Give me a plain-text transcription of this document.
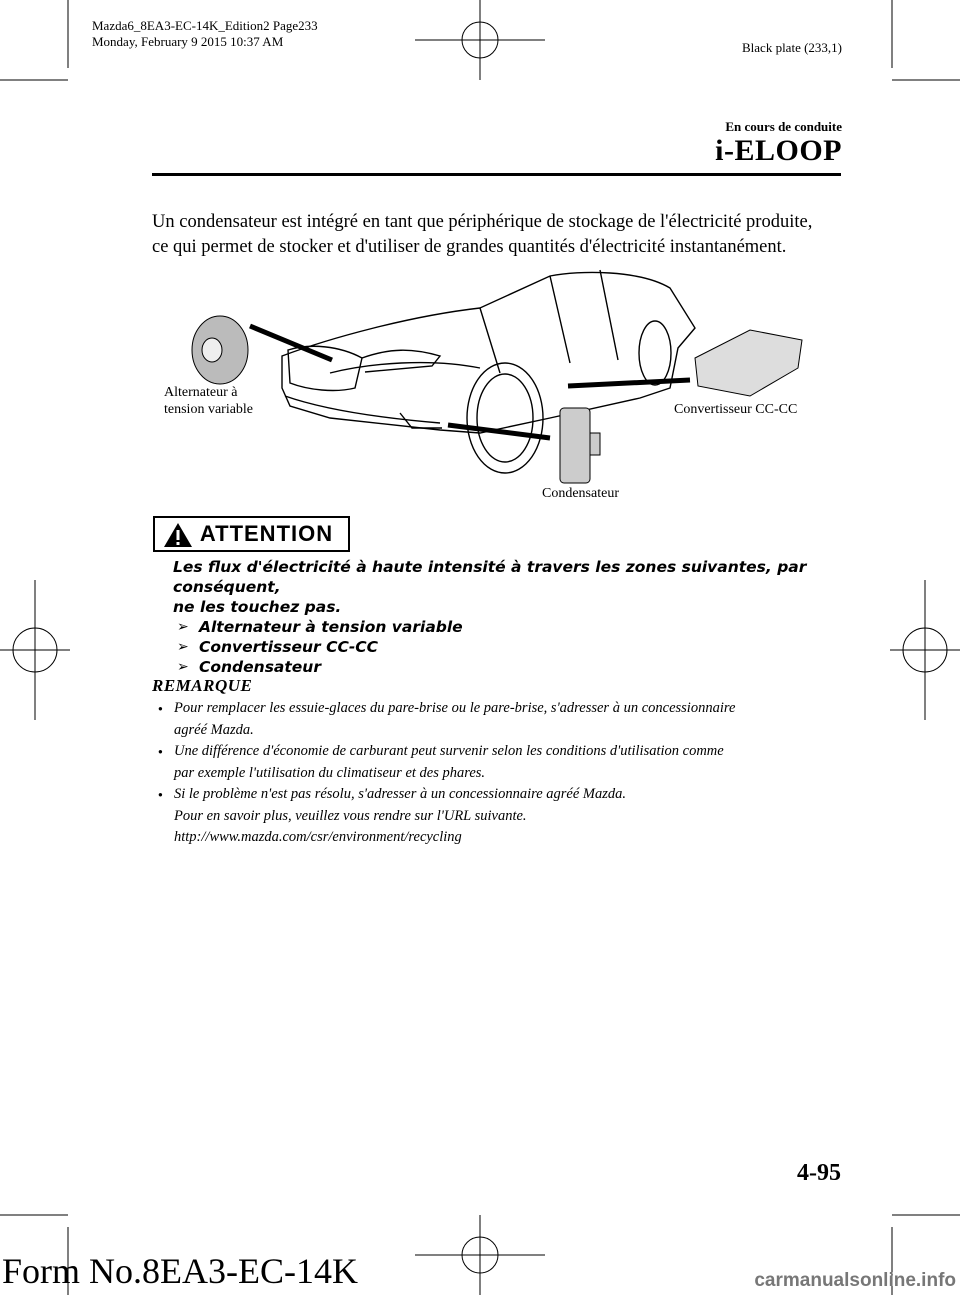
Mazda6_8EA3-EC-14K_Edition2 Page233
Monday, February 9 2015 10:37 AM	Black plate (233,1)
En cours de conduite
i-ELOOP

Un condensateur est intégré en tant que périphérique de stockage de l'électricité produite,

ce qui permet de stocker et d'utiliser de grandes quantités d'électricité instantanément.

Alternateur à
tension variable	Convertisseur CC-CC
Condensateur
ATTENTION

Les flux d'électricité à haute intensité à travers les zones suivantes, par conséquent,

ne les touchez pas.

➢ Alternateur à tension variable
➢ Convertisseur CC-CC
➢ Condensateur
REMARQUE
● Pour remplacer les essuie-glaces du pare-brise ou le pare-brise, s'adresser à un concessionnaire
agréé Mazda.
● Une différence d'économie de carburant peut survenir selon les conditions d'utilisation comme
par exemple l'utilisation du climatiseur et des phares.
● Si le problème n'est pas résolu, s'adresser à un concessionnaire agréé Mazda.
Pour en savoir plus, veuillez vous rendre sur l'URL suivante.
http://www.mazda.com/csr/environment/recycling
4-95
Form No.8EA3-EC-14K	carmanualsonline.info
